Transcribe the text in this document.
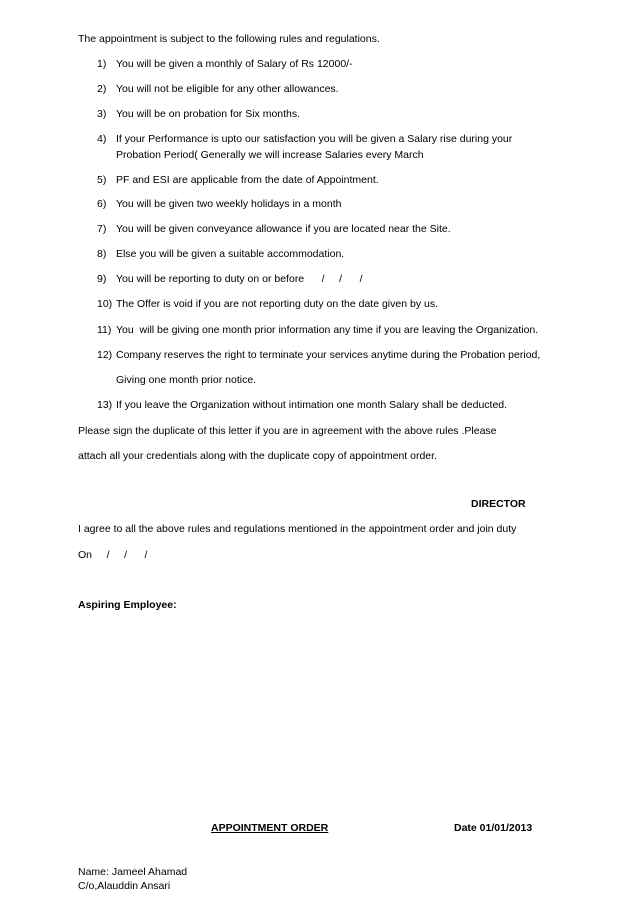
The appointment is subject to the following rules and regulations.
1) You will be given a monthly of Salary of Rs 12000/-
2) You will not be eligible for any other allowances.
3) You will be on probation for Six months.
4) If your Performance is upto our satisfaction you will be given a Salary rise during your
Probation Period( Generally we will increase Salaries every March
5) PF and ESI are applicable from the date of Appointment.
6) You will be given two weekly holidays in a month
7) You will be given conveyance allowance if you are located near the Site.
8) Else you will be given a suitable accommodation.
9) You will be reporting to duty on or before      /     /      /
10) The Offer is void if you are not reporting duty on the date given by us.
11) You  will be giving one month prior information any time if you are leaving the Organization.
12) Company reserves the right to terminate your services anytime during the Probation period,
Giving one month prior notice.
13) If you leave the Organization without intimation one month Salary shall be deducted.
Please sign the duplicate of this letter if you are in agreement with the above rules .Please
attach all your credentials along with the duplicate copy of appointment order.
DIRECTOR
I agree to all the above rules and regulations mentioned in the appointment order and join duty
On     /     /      /
Aspiring Employee:
APPOINTMENT ORDER	Date 01/01/2013
Name: Jameel Ahamad
C/o,Alauddin Ansari
